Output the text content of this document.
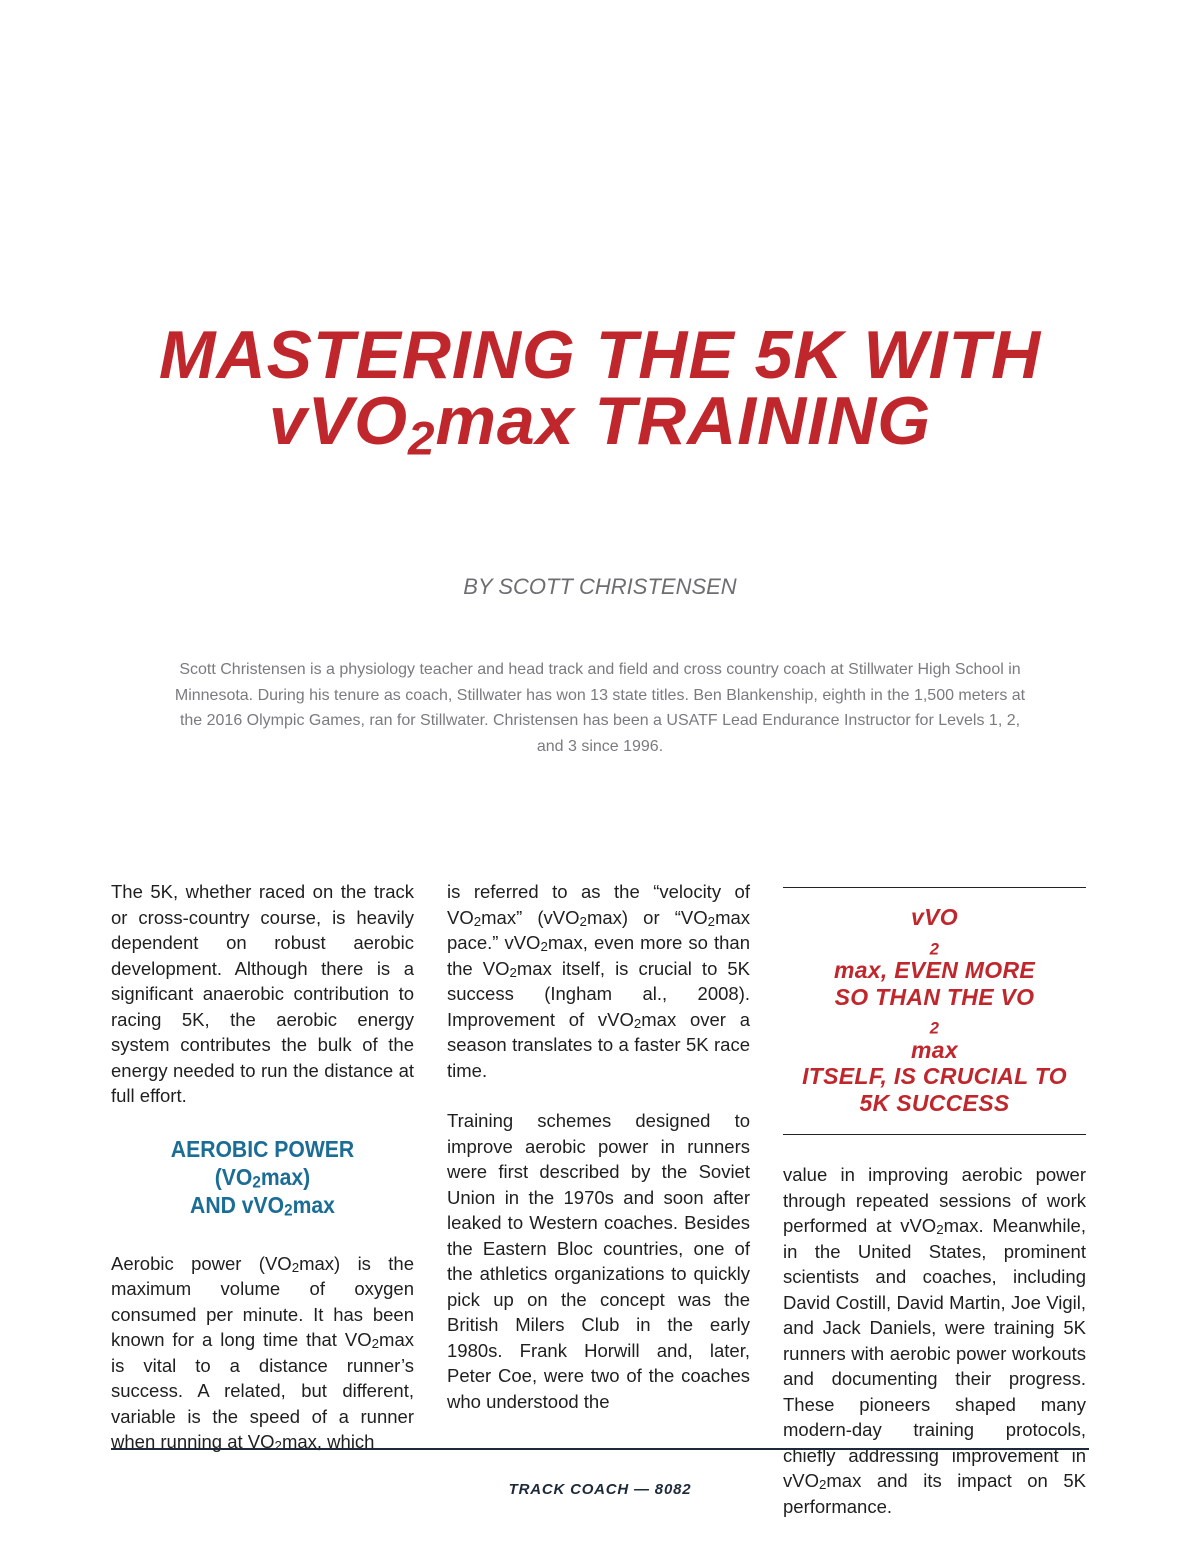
MASTERING THE 5K WITH
vVO$_2$max TRAINING
BY SCOTT CHRISTENSEN

Scott Christensen is a physiology teacher and head track and field and cross country coach at Stillwater High School in Minnesota. During his tenure as coach, Stillwater has won 13 state titles. Ben Blankenship, eighth in the 1,500 meters at the 2016 Olympic Games, ran for Stillwater. Christensen has been a USATF Lead Endurance Instructor for Levels 1, 2, and 3 since 1996.

The 5K, whether raced on the track or cross-country course, is heavily dependent on robust aerobic development. Although there is a significant anaerobic contribution to racing 5K, the aerobic energy system contributes the bulk of the energy needed to run the distance at full effort.

AEROBIC POWER $(VO_2\max)$
AND vVO$_2$max

Aerobic power $(VO_2\max)$ is the maximum volume of oxygen consumed per minute. It has been known for a long time that $VO_2\max$ is vital to a distance runner’s success. A related, but different, variable is the speed of a runner when running at $VO_2\max$, which

is referred to as the “velocity of $VO_2\max$” (vVO$_2$max) or “$VO_2\max$ pace.” vVO$_2$max, even more so than the $VO_2\max$ itself, is crucial to 5K success (Ingham al., 2008). Improvement of vVO$_2$max over a season translates to a faster 5K race time.

Training schemes designed to improve aerobic power in runners were first described by the Soviet Union in the 1970s and soon after leaked to Western coaches. Besides the Eastern Bloc countries, one of the athletics organizations to quickly pick up on the concept was the British Milers Club in the early 1980s. Frank Horwill and, later, Peter Coe, were two of the coaches who understood the

vVO
$_2$
max, EVEN MORE
SO THAN THE VO
$_2$
max
ITSELF, IS CRUCIAL TO
5K SUCCESS

value in improving aerobic power through repeated sessions of work performed at vVO$_2$max. Meanwhile, in the United States, prominent scientists and coaches, including David Costill, David Martin, Joe Vigil, and Jack Daniels, were training 5K runners with aerobic power workouts and documenting their progress. These pioneers shaped many modern-day training protocols, chiefly addressing improvement in vVO$_2$max and its impact on 5K performance.

TRACK COACH — 8082
